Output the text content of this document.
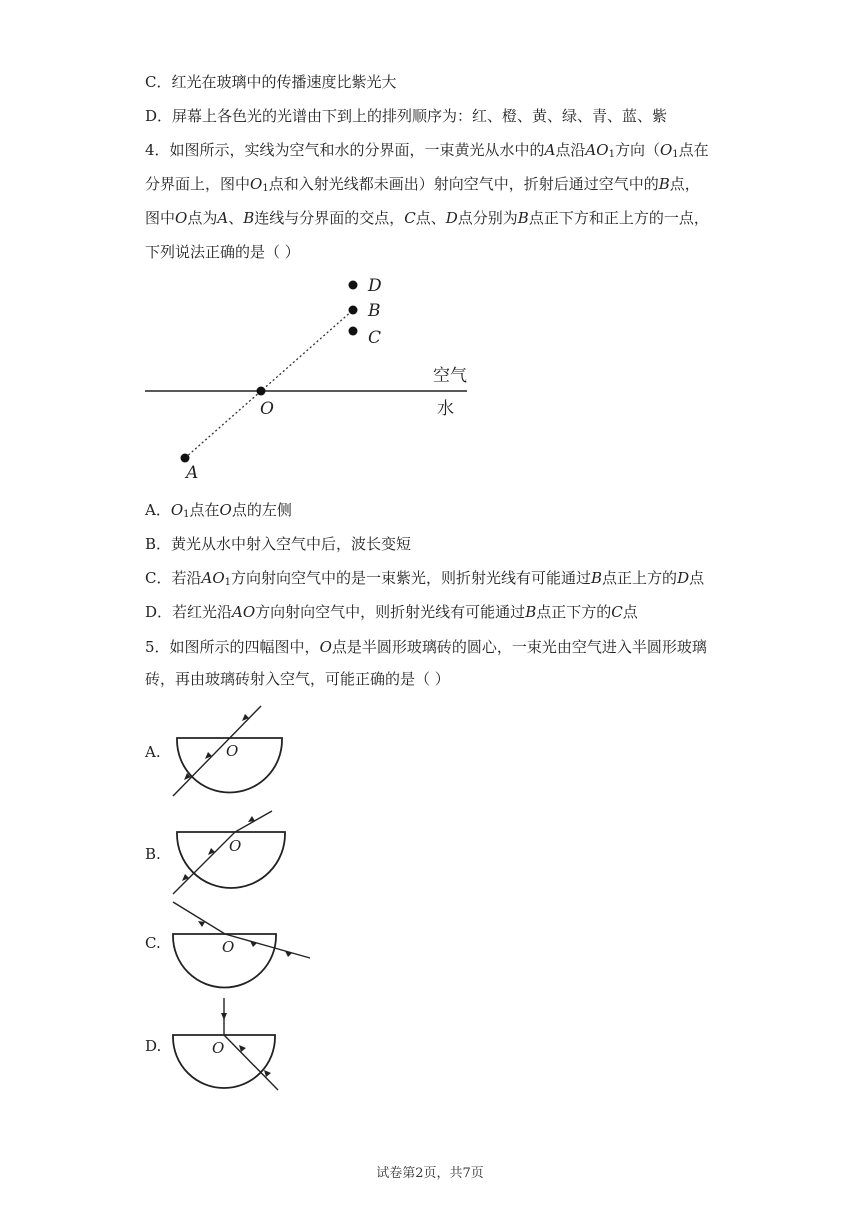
C．红光在玻璃中的传播速度比紫光大
D．屏幕上各色光的光谱由下到上的排列顺序为：红、橙、黄、绿、青、蓝、紫
4．如图所示，实线为空气和水的分界面，一束黄光从水中的A点沿$AO_1$方向（$O_1$点在
分界面上，图中$O_1$点和入射光线都未画出）射向空气中，折射后通过空气中的B点，
图中O点为A、B连线与分界面的交点，C点、D点分别为B点正下方和正上方的一点，
下列说法正确的是（ ）
D
B
C
O
A
空气
水
A．$O_1$点在O点的左侧
B．黄光从水中射入空气中后，波长变短
C．若沿$AO_1$方向射向空气中的是一束紫光，则折射光线有可能通过B点正上方的D点
D．若红光沿AO方向射向空气中，则折射光线有可能通过B点正下方的C点
5．如图所示的四幅图中，O点是半圆形玻璃砖的圆心，一束光由空气进入半圆形玻璃
砖，再由玻璃砖射入空气，可能正确的是（ ）
A.	O
B.	O
C.	O
D.	O
试卷第2页，共7页
